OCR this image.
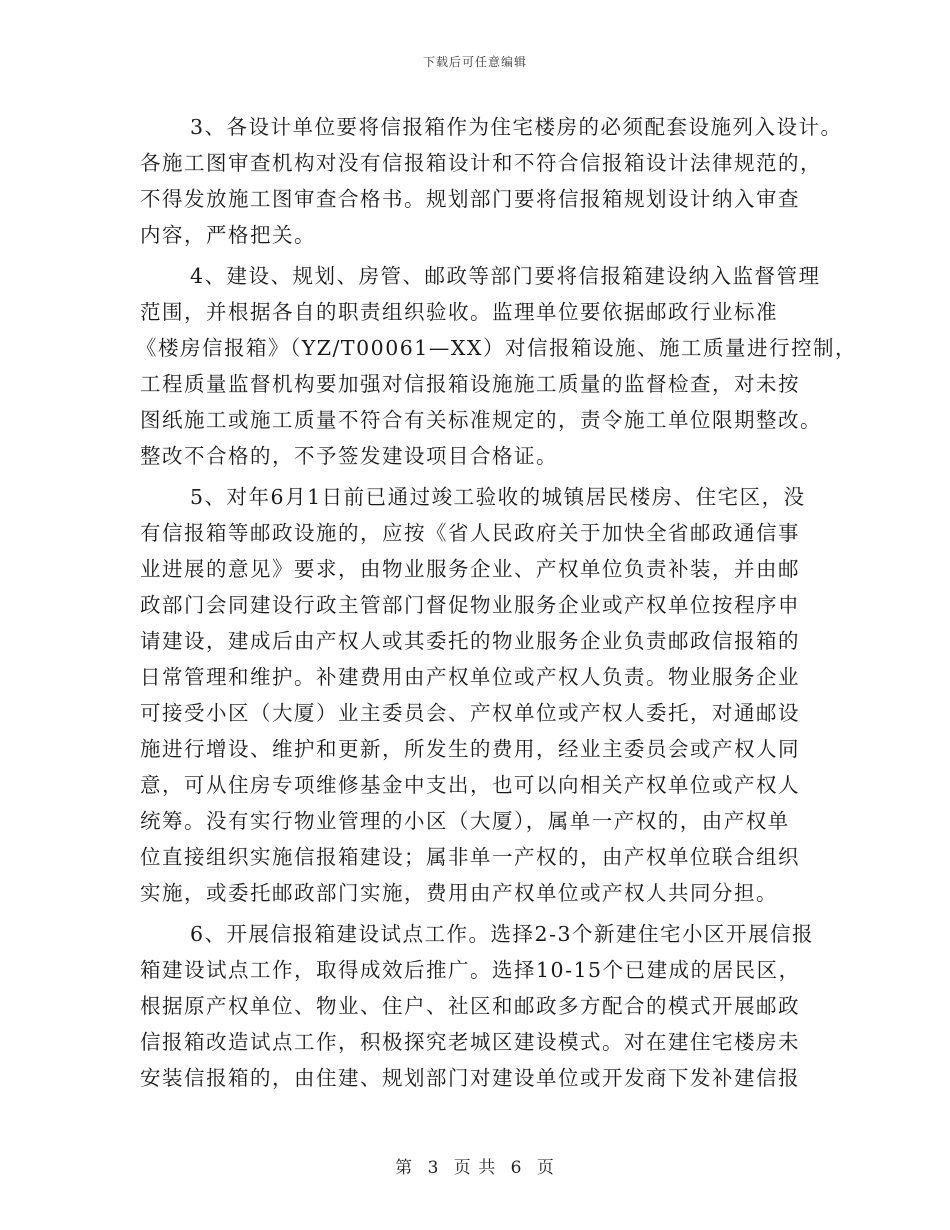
下载后可任意编辑
3、各设计单位要将信报箱作为住宅楼房的必须配套设施列入设计。
各施工图审查机构对没有信报箱设计和不符合信报箱设计法律规范的，
不得发放施工图审查合格书。规划部门要将信报箱规划设计纳入审查
内容，严格把关。
4、建设、规划、房管、邮政等部门要将信报箱建设纳入监督管理
范围，并根据各自的职责组织验收。监理单位要依据邮政行业标准
《楼房信报箱》（YZ/T00061—XX）对信报箱设施、施工质量进行控制，
工程质量监督机构要加强对信报箱设施施工质量的监督检查，对未按
图纸施工或施工质量不符合有关标准规定的，责令施工单位限期整改。
整改不合格的，不予签发建设项目合格证。
5、对年6月1日前已通过竣工验收的城镇居民楼房、住宅区，没
有信报箱等邮政设施的，应按《省人民政府关于加快全省邮政通信事
业进展的意见》要求，由物业服务企业、产权单位负责补装，并由邮
政部门会同建设行政主管部门督促物业服务企业或产权单位按程序申
请建设，建成后由产权人或其委托的物业服务企业负责邮政信报箱的
日常管理和维护。补建费用由产权单位或产权人负责。物业服务企业
可接受小区（大厦）业主委员会、产权单位或产权人委托，对通邮设
施进行增设、维护和更新，所发生的费用，经业主委员会或产权人同
意，可从住房专项维修基金中支出，也可以向相关产权单位或产权人
统筹。没有实行物业管理的小区（大厦），属单一产权的，由产权单
位直接组织实施信报箱建设；属非单一产权的，由产权单位联合组织
实施，或委托邮政部门实施，费用由产权单位或产权人共同分担。
6、开展信报箱建设试点工作。选择2-3个新建住宅小区开展信报
箱建设试点工作，取得成效后推广。选择10-15个已建成的居民区，
根据原产权单位、物业、住户、社区和邮政多方配合的模式开展邮政
信报箱改造试点工作，积极探究老城区建设模式。对在建住宅楼房未
安装信报箱的，由住建、规划部门对建设单位或开发商下发补建信报
第 3 页 共 6 页
